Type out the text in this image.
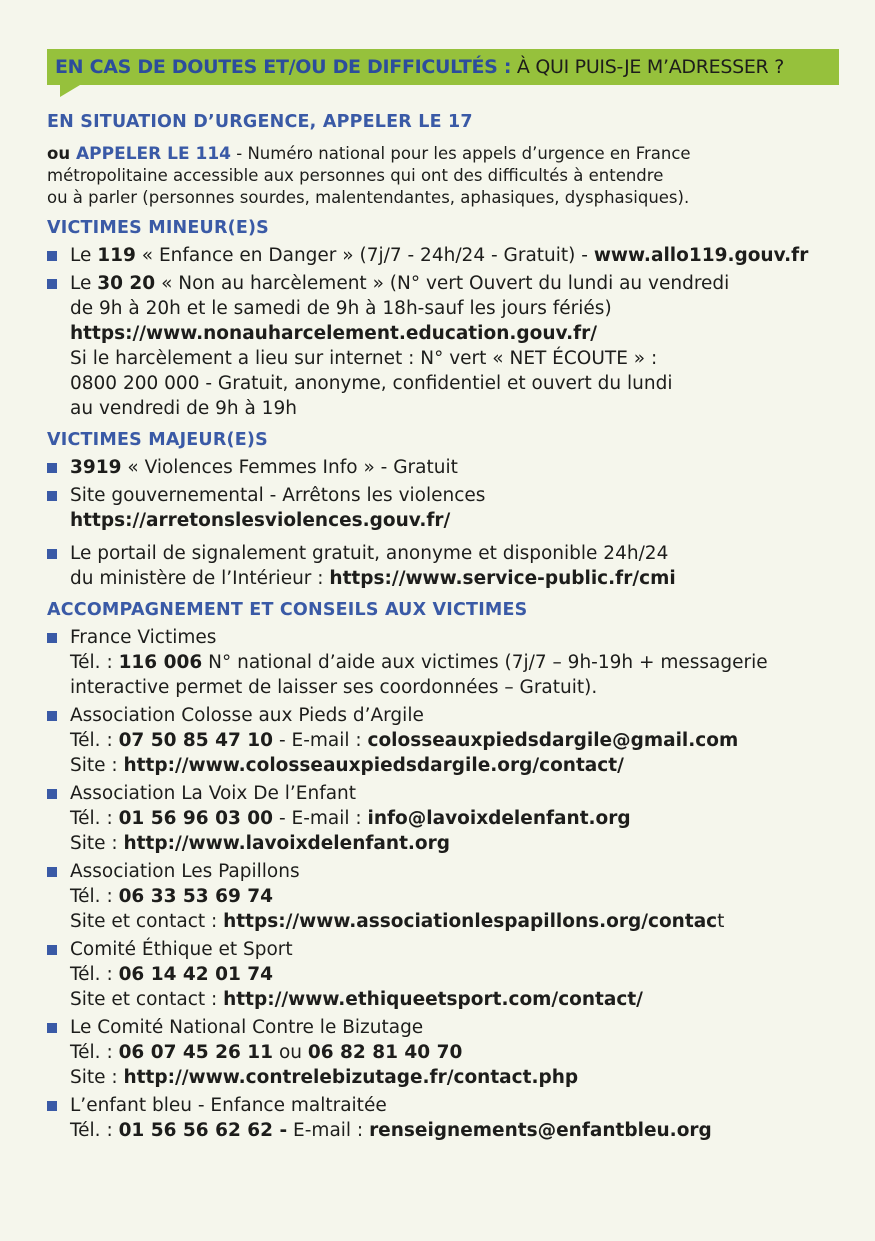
EN CAS DE DOUTES ET/OU DE DIFFICULTÉS : À QUI PUIS-JE M’ADRESSER ?

EN SITUATION D’URGENCE, APPELER LE 17

ou APPELER LE 114 - Numéro national pour les appels d’urgence en France
métropolitaine accessible aux personnes qui ont des difficultés à entendre
ou à parler (personnes sourdes, malentendantes, aphasiques, dysphasiques).

VICTIMES MINEUR(E)S

Le 119 « Enfance en Danger » (7j/7 - 24h/24 - Gratuit) - www.allo119.gouv.fr
Le 30 20 « Non au harcèlement » (N° vert Ouvert du lundi au vendredi
de 9h à 20h et le samedi de 9h à 18h-sauf les jours fériés)
https://www.nonauharcelement.education.gouv.fr/
Si le harcèlement a lieu sur internet : N° vert « NET ÉCOUTE » :
0800 200 000 - Gratuit, anonyme, confidentiel et ouvert du lundi
au vendredi de 9h à 19h

VICTIMES MAJEUR(E)S

3919 « Violences Femmes Info » - Gratuit
Site gouvernemental - Arrêtons les violences
https://arretonslesviolences.gouv.fr/
Le portail de signalement gratuit, anonyme et disponible 24h/24
du ministère de l’Intérieur : https://www.service-public.fr/cmi

ACCOMPAGNEMENT ET CONSEILS AUX VICTIMES

France Victimes
Tél. : 116 006 N° national d’aide aux victimes (7j/7 – 9h-19h + messagerie
interactive permet de laisser ses coordonnées – Gratuit).
Association Colosse aux Pieds d’Argile
Tél. : 07 50 85 47 10 - E-mail : colosseauxpiedsdargile@gmail.com
Site : http://www.colosseauxpiedsdargile.org/contact/
Association La Voix De l’Enfant
Tél. : 01 56 96 03 00 - E-mail : info@lavoixdelenfant.org
Site : http://www.lavoixdelenfant.org
Association Les Papillons
Tél. : 06 33 53 69 74
Site et contact : https://www.associationlespapillons.org/contact
Comité Éthique et Sport
Tél. : 06 14 42 01 74
Site et contact : http://www.ethiqueetsport.com/contact/
Le Comité National Contre le Bizutage
Tél. : 06 07 45 26 11 ou 06 82 81 40 70
Site : http://www.contrelebizutage.fr/contact.php
L’enfant bleu - Enfance maltraitée
Tél. : 01 56 56 62 62 - E-mail : renseignements@enfantbleu.org
